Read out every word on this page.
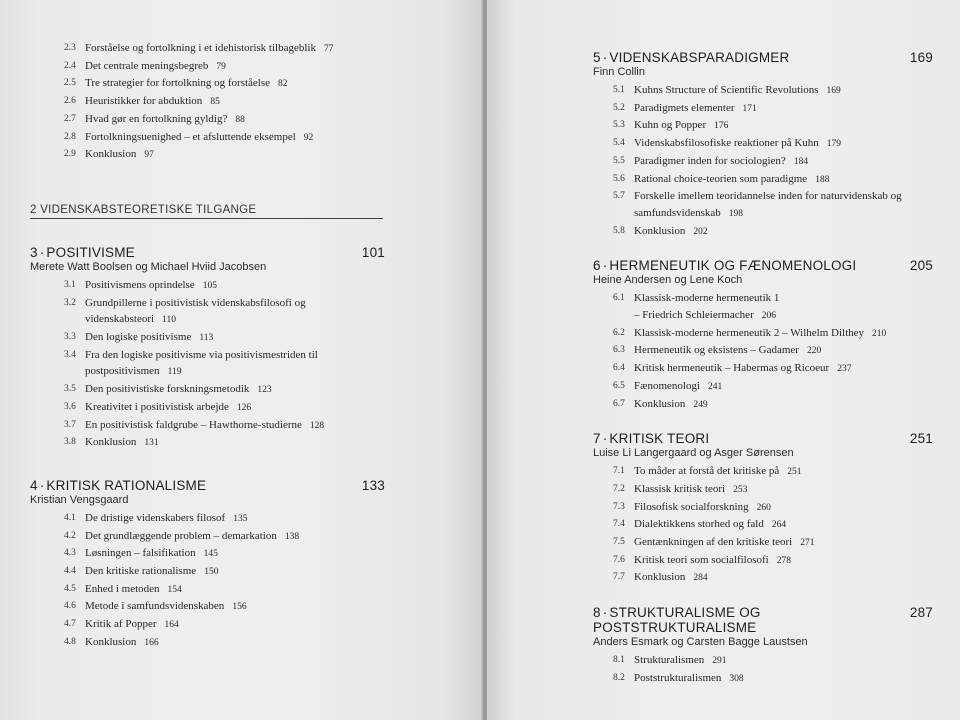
2.3 Forståelse og fortolkning i et idehistorisk tilbageblik 77
2.4 Det centrale meningsbegreb 79
2.5 Tre strategier for fortolkning og forståelse 82
2.6 Heuristikker for abduktion 85
2.7 Hvad gør en fortolkning gyldig? 88
2.8 Fortolkningsuenighed – et afsluttende eksempel 92
2.9 Konklusion 97
2 VIDENSKABSTEORETISKE TILGANGE
3 · POSITIVISME	101
Merete Watt Boolsen og Michael Hviid Jacobsen
3.1 Positivismens oprindelse 105
3.2 Grundpillerne i positivistisk videnskabsfilosofi og
videnskabsteori 110
3.3 Den logiske positivisme 113
3.4 Fra den logiske positivisme via positivismestriden til
postpositivismen 119
3.5 Den positivistiske forskningsmetodik 123
3.6 Kreativitet i positivistisk arbejde 126
3.7 En positivistisk faldgrube – Hawthorne-studierne 128
3.8 Konklusion 131
4 · KRITISK RATIONALISME	133
Kristian Vengsgaard
4.1 De dristige videnskabers filosof 135
4.2 Det grundlæggende problem – demarkation 138
4.3 Løsningen – falsifikation 145
4.4 Den kritiske rationalisme 150
4.5 Enhed i metoden 154
4.6 Metode i samfundsvidenskaben 156
4.7 Kritik af Popper 164
4.8 Konklusion 166
5 · VIDENSKABSPARADIGMER	169
Finn Collin
5.1 Kuhns Structure of Scientific Revolutions 169
5.2 Paradigmets elementer 171
5.3 Kuhn og Popper 176
5.4 Videnskabsfilosofiske reaktioner på Kuhn 179
5.5 Paradigmer inden for sociologien? 184
5.6 Rational choice-teorien som paradigme 188
5.7 Forskelle imellem teoridannelse inden for naturvidenskab og
samfundsvidenskab 198
5.8 Konklusion 202
6 · HERMENEUTIK OG FÆNOMENOLOGI	205
Heine Andersen og Lene Koch
6.1 Klassisk-moderne hermeneutik 1
– Friedrich Schleiermacher 206
6.2 Klassisk-moderne hermeneutik 2 – Wilhelm Dilthey 210
6.3 Hermeneutik og eksistens – Gadamer 220
6.4 Kritisk hermeneutik – Habermas og Ricoeur 237
6.5 Fænomenologi 241
6.7 Konklusion 249
7 · KRITISK TEORI	251
Luise Li Langergaard og Asger Sørensen
7.1 To måder at forstå det kritiske på 251
7.2 Klassisk kritisk teori 253
7.3 Filosofisk socialforskning 260
7.4 Dialektikkens storhed og fald 264
7.5 Gentænkningen af den kritiske teori 271
7.6 Kritisk teori som socialfilosofi 278
7.7 Konklusion 284
8 · STRUKTURALISME OG POSTSTRUKTURALISME
287
Anders Esmark og Carsten Bagge Laustsen
8.1 Strukturalismen 291
8.2 Poststrukturalismen 308
